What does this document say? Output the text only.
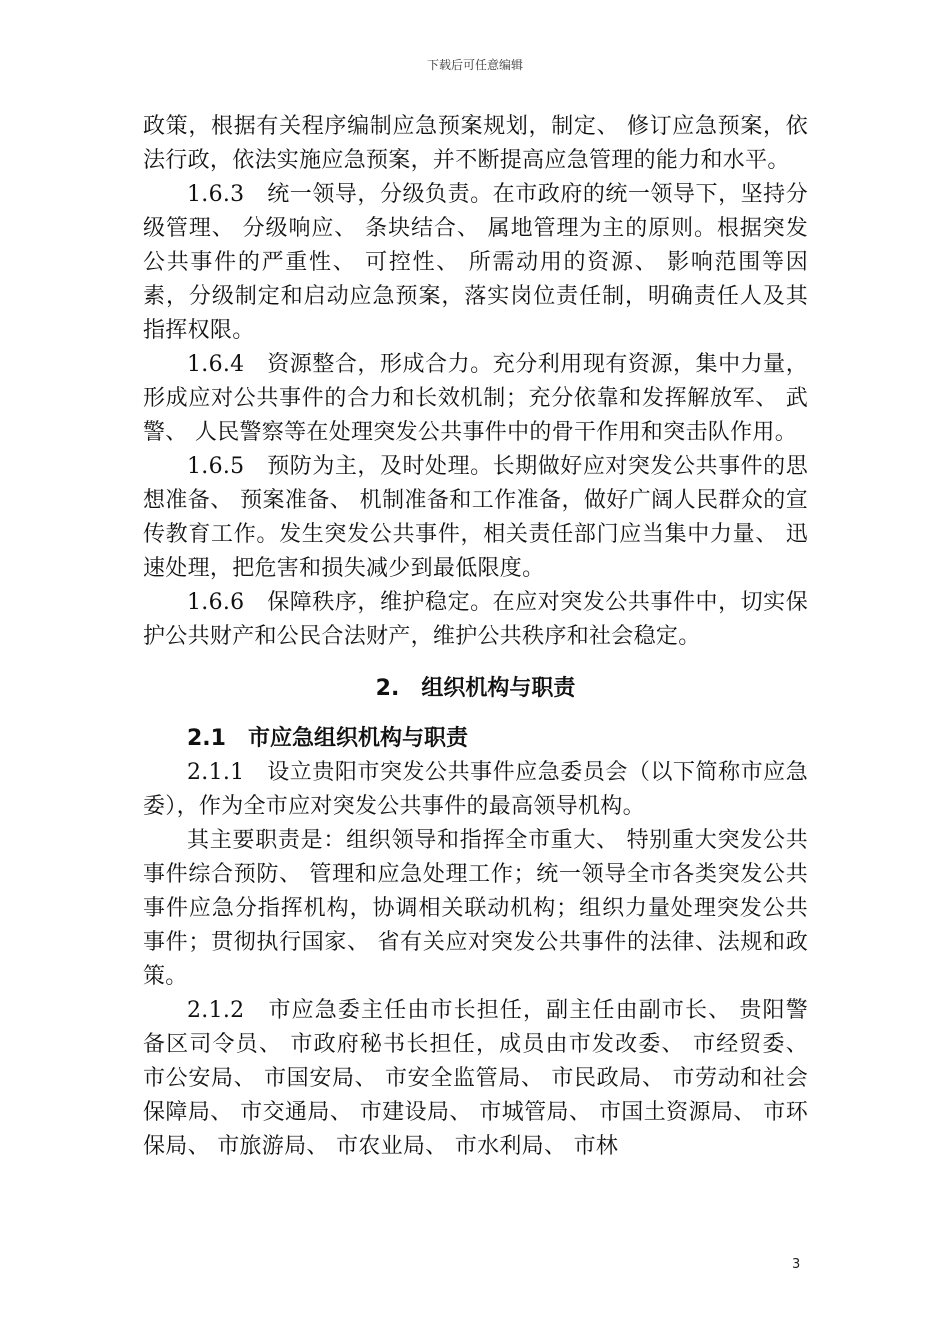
下载后可任意编辑

政策，根据有关程序编制应急预案规划，制定、 修订应急预案，依法行政，依法实施应急预案，并不断提高应急管理的能力和水平。

1.6.3　统一领导，分级负责。在市政府的统一领导下，坚持分级管理、 分级响应、 条块结合、 属地管理为主的原则。根据突发公共事件的严重性、 可控性、 所需动用的资源、 影响范围等因素，分级制定和启动应急预案，落实岗位责任制，明确责任人及其指挥权限。

1.6.4　资源整合，形成合力。充分利用现有资源，集中力量， 形成应对公共事件的合力和长效机制；充分依靠和发挥解放军、 武警、 人民警察等在处理突发公共事件中的骨干作用和突击队作用。

1.6.5　预防为主，及时处理。长期做好应对突发公共事件的思想准备、 预案准备、 机制准备和工作准备，做好广阔人民群众的宣传教育工作。发生突发公共事件，相关责任部门应当集中力量、 迅速处理，把危害和损失减少到最低限度。

1.6.6　保障秩序，维护稳定。在应对突发公共事件中，切实保护公共财产和公民合法财产，维护公共秩序和社会稳定。

2.　组织机构与职责
2.1　市应急组织机构与职责

2.1.1　设立贵阳市突发公共事件应急委员会（以下简称市应急委），作为全市应对突发公共事件的最高领导机构。

其主要职责是：组织领导和指挥全市重大、 特别重大突发公共事件综合预防、 管理和应急处理工作；统一领导全市各类突发公共事件应急分指挥机构，协调相关联动机构；组织力量处理突发公共事件；贯彻执行国家、 省有关应对突发公共事件的法律、法规和政策。

2.1.2　市应急委主任由市长担任，副主任由副市长、 贵阳警备区司令员、 市政府秘书长担任，成员由市发改委、 市经贸委、 市公安局、 市国安局、 市安全监管局、 市民政局、 市劳动和社会保障局、 市交通局、 市建设局、 市城管局、 市国土资源局、 市环保局、 市旅游局、 市农业局、 市水利局、 市林

3
